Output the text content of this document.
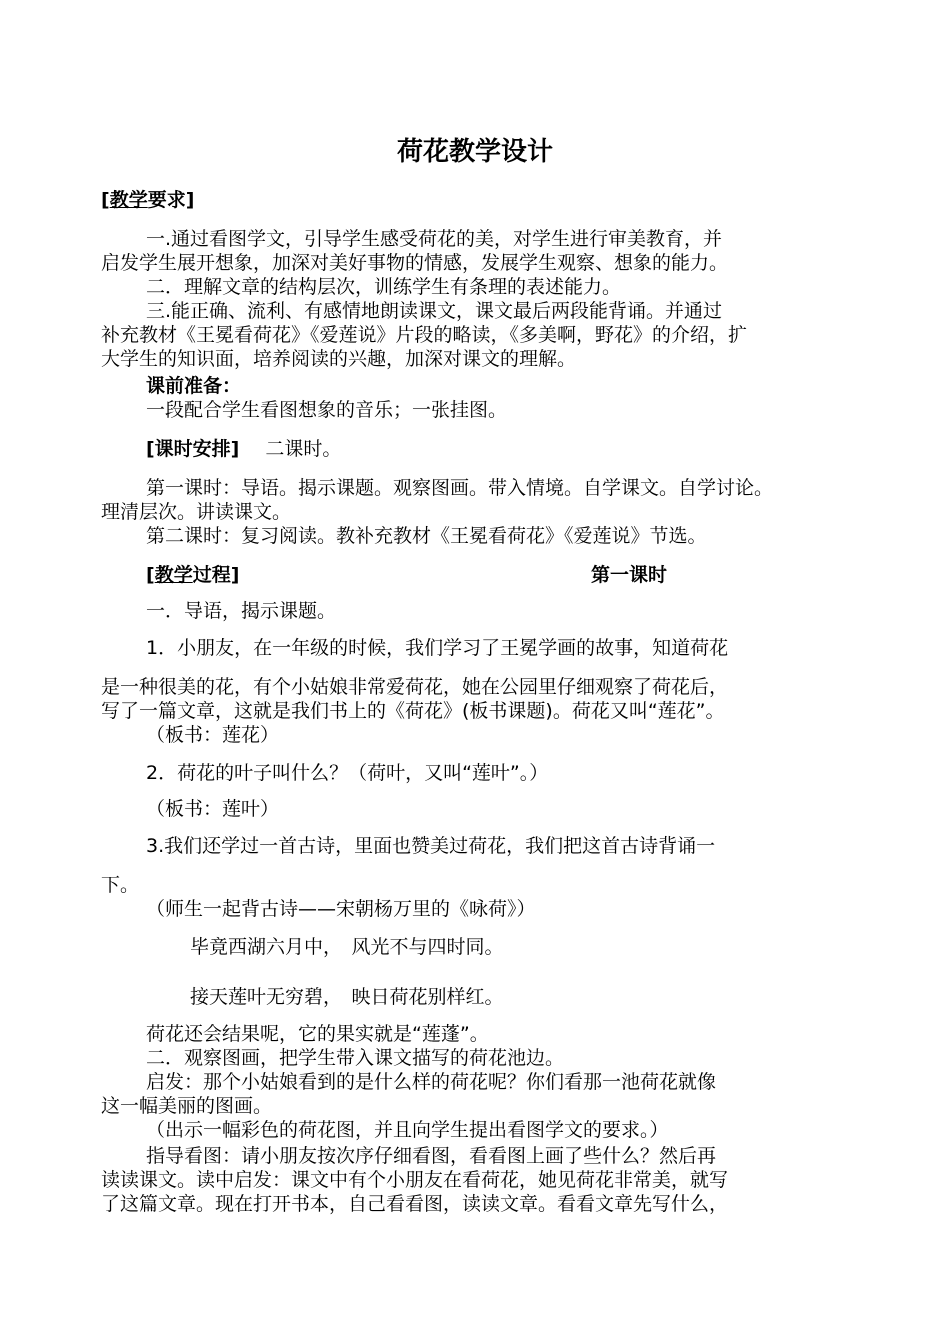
荷花教学设计
[教学要求]
一.通过看图学文，引导学生感受荷花的美，对学生进行审美教育，并
启发学生展开想象，加深对美好事物的情感，发展学生观察、想象的能力。
二．理解文章的结构层次，训练学生有条理的表述能力。
三.能正确、流利、有感情地朗读课文，课文最后两段能背诵。并通过
补充教材《王冕看荷花》《爱莲说》片段的略读，《多美啊，野花》的介绍，扩
大学生的知识面，培养阅读的兴趣，加深对课文的理解。
课前准备：
一段配合学生看图想象的音乐；一张挂图。
[课时安排] 二课时。
第一课时：导语。揭示课题。观察图画。带入情境。自学课文。自学讨论。
理清层次。讲读课文。
第二课时：复习阅读。教补充教材《王冕看荷花》《爱莲说》节选。
[教学过程]	第一课时
一．导语，揭示课题。
1．小朋友，在一年级的时候，我们学习了王冕学画的故事，知道荷花
是一种很美的花，有个小姑娘非常爱荷花，她在公园里仔细观察了荷花后，
写了一篇文章，这就是我们书上的《荷花》(板书课题)。荷花又叫“莲花”。
（板书：莲花）
2．荷花的叶子叫什么？（荷叶，又叫“莲叶”。）
（板书：莲叶）
3.我们还学过一首古诗，里面也赞美过荷花，我们把这首古诗背诵一
下。
（师生一起背古诗——宋朝杨万里的《咏荷》）
毕竟西湖六月中，　风光不与四时同。
接天莲叶无穷碧，　映日荷花别样红。
荷花还会结果呢，它的果实就是“莲蓬”。
二．观察图画，把学生带入课文描写的荷花池边。
启发：那个小姑娘看到的是什么样的荷花呢？你们看那一池荷花就像
这一幅美丽的图画。
（出示一幅彩色的荷花图，并且向学生提出看图学文的要求。）
指导看图：请小朋友按次序仔细看图，看看图上画了些什么？然后再
读读课文。读中启发：课文中有个小朋友在看荷花，她见荷花非常美，就写
了这篇文章。现在打开书本，自己看看图，读读文章。看看文章先写什么，
